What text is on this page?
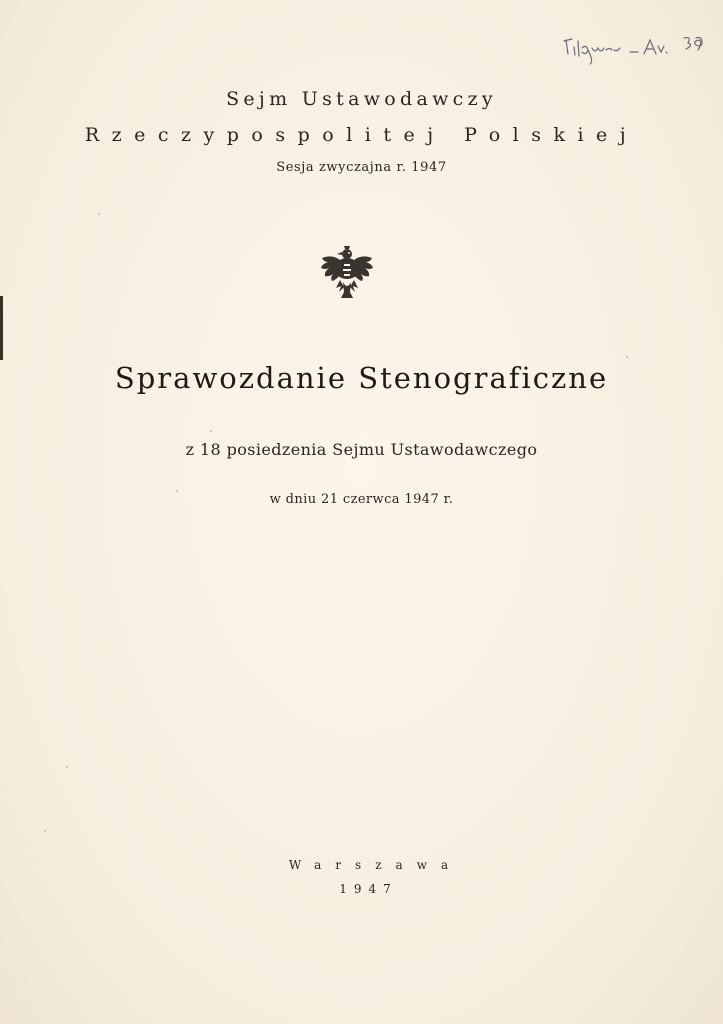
Sejm Ustawodawczy
Rzeczypospolitej Polskiej
Sesja zwyczajna r. 1947
Sprawozdanie Stenograficzne
z 18 posiedzenia Sejmu Ustawodawczego
w dniu 21 czerwca 1947 r.
Warszawa
1947
